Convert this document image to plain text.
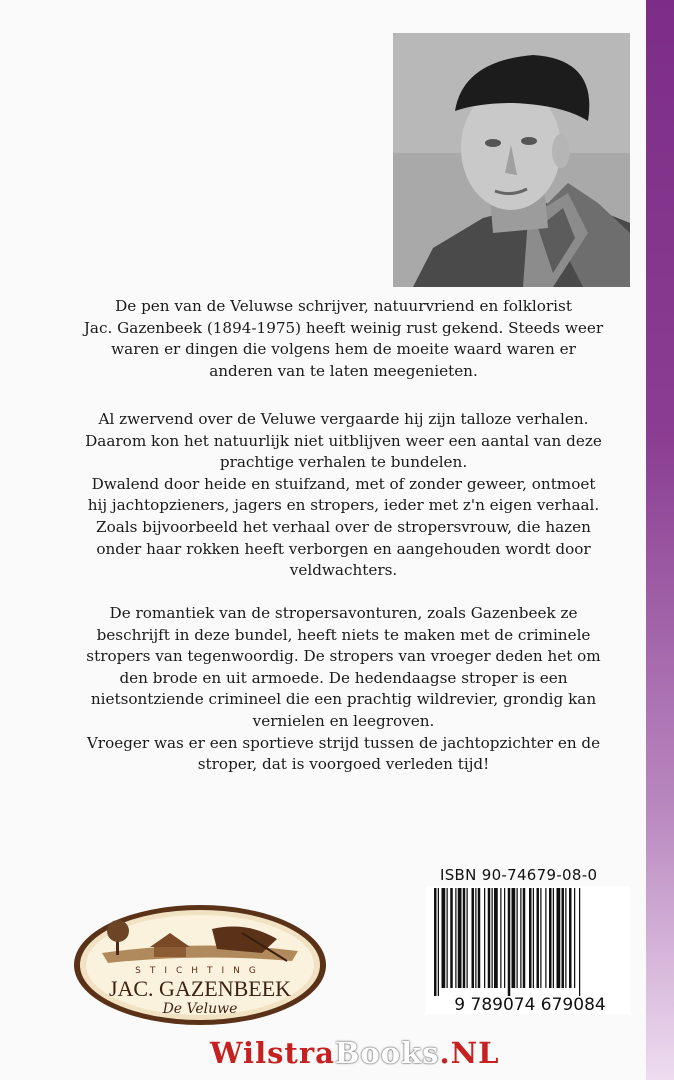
De pen van de Veluwse schrijver, natuurvriend en folklorist

Jac. Gazenbeek (1894-1975) heeft weinig rust gekend. Steeds weer

waren er dingen die volgens hem de moeite waard waren er

anderen van te laten meegenieten.

Al zwervend over de Veluwe vergaarde hij zijn talloze verhalen.

Daarom kon het natuurlijk niet uitblijven weer een aantal van deze

prachtige verhalen te bundelen.

Dwalend door heide en stuifzand, met of zonder geweer, ontmoet

hij jachtopzieners, jagers en stropers, ieder met z'n eigen verhaal.

Zoals bijvoorbeeld het verhaal over de stropersvrouw, die hazen

onder haar rokken heeft verborgen en aangehouden wordt door

veldwachters.

De romantiek van de stropersavonturen, zoals Gazenbeek ze

beschrijft in deze bundel, heeft niets te maken met de criminele

stropers van tegenwoordig. De stropers van vroeger deden het om

den brode en uit armoede. De hedendaagse stroper is een

nietsontziende crimineel die een prachtig wildrevier, grondig kan

vernielen en leegroven.

Vroeger was er een sportieve strijd tussen de jachtopzichter en de

stroper, dat is voorgoed verleden tijd!

ISBN 90-74679-08-0
9 789074 679084
STICHTING
JAC. GAZENBEEK
De Veluwe
WilstraBooks.NL
